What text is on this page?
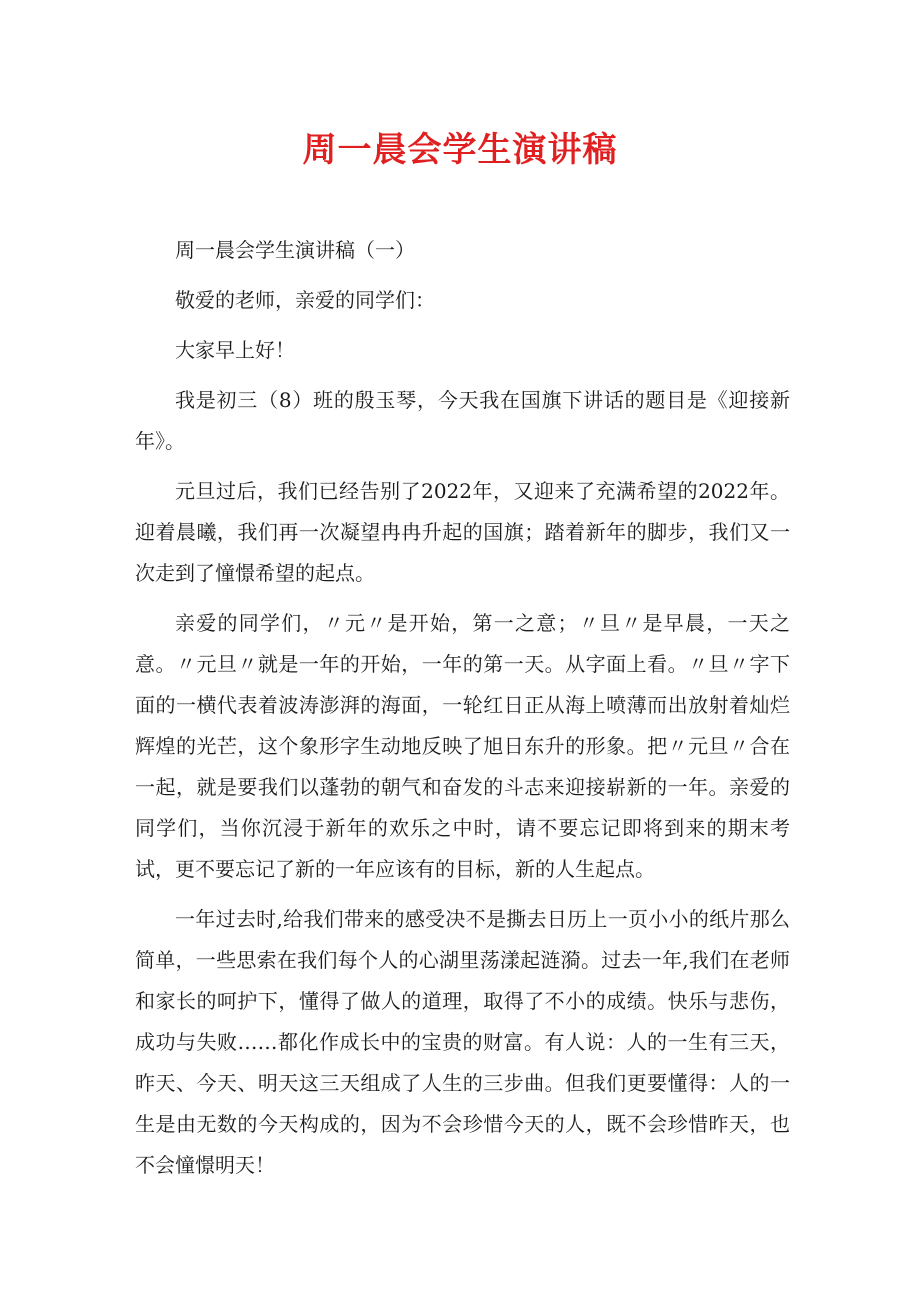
周一晨会学生演讲稿

周一晨会学生演讲稿（一）

敬爱的老师，亲爱的同学们：

大家早上好！

我是初三（8）班的殷玉琴，今天我在国旗下讲话的题目是《迎接新年》。

元旦过后，我们已经告别了2022年，又迎来了充满希望的2022年。迎着晨曦，我们再一次凝望冉冉升起的国旗；踏着新年的脚步，我们又一次走到了憧憬希望的起点。

亲爱的同学们，〃元〃是开始，第一之意；〃旦〃是早晨，一天之意。〃元旦〃就是一年的开始，一年的第一天。从字面上看。〃旦〃字下面的一横代表着波涛澎湃的海面，一轮红日正从海上喷薄而出放射着灿烂辉煌的光芒，这个象形字生动地反映了旭日东升的形象。把〃元旦〃合在一起，就是要我们以蓬勃的朝气和奋发的斗志来迎接崭新的一年。亲爱的同学们，当你沉浸于新年的欢乐之中时，请不要忘记即将到来的期末考试，更不要忘记了新的一年应该有的目标，新的人生起点。

一年过去时,给我们带来的感受决不是撕去日历上一页小小的纸片那么简单，一些思索在我们每个人的心湖里荡漾起涟漪。过去一年,我们在老师和家长的呵护下，懂得了做人的道理，取得了不小的成绩。快乐与悲伤，成功与失败……都化作成长中的宝贵的财富。有人说：人的一生有三天，昨天、今天、明天这三天组成了人生的三步曲。但我们更要懂得：人的一生是由无数的今天构成的，因为不会珍惜今天的人，既不会珍惜昨天，也不会憧憬明天！
